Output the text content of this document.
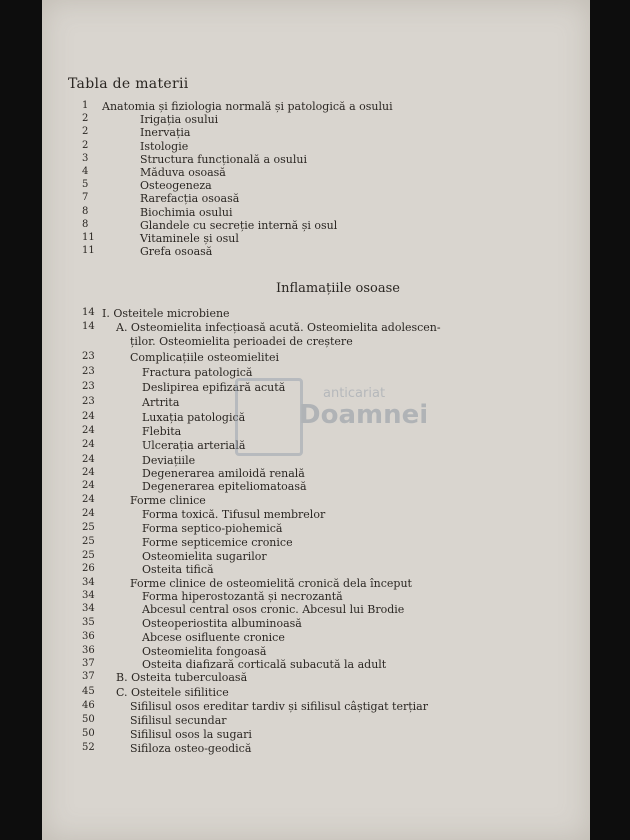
Tabla de materii
1	Anatomia și fiziologia normală și patologică a osului
2	Irigația osului
2	Inervația
2	Istologie
3	Structura funcțională a osului
4	Măduva osoasă
5	Osteogeneza
7	Rarefacția osoasă
8	Biochimia osului
8	Glandele cu secreție internă și osul
11	Vitaminele și osul
11	Grefa osoasă
Inflamațiile osoase
14 I. Osteitele microbiene
14	A. Osteomielita infecțioasă acută. Osteomielita adolescen-
ților. Osteomielita perioadei de creștere
23	Complicațiile osteomielitei
23	Fractura patologică
23	Deslipirea epifizară acută
23	Artrita
24	Luxația patologică
24	Flebita
24	Ulcerația arterială
24	Deviațiile
24	Degenerarea amiloidă renală
24	Degenerarea epiteliomatoasă
24	Forme clinice
24	Forma toxică. Tifusul membrelor
25	Forma septico-piohemică
25	Forme septicemice cronice
25	Osteomielita sugarilor
26	Osteita tifică
34	Forme clinice de osteomielită cronică dela început
34	Forma hiperostozantă și necrozantă
34	Abcesul central osos cronic. Abcesul lui Brodie
35	Osteoperiostita albuminoasă
36	Abcese osifluente cronice
36	Osteomielita fongoasă
37	Osteita diafizară corticală subacută la adult
37	B. Osteita tuberculoasă
45	C. Osteitele sifilitice
46	Sifilisul osos ereditar tardiv și sifilisul câștigat terțiar
50	Sifilisul secundar
50	Sifilisul osos la sugari
52	Sifiloza osteo-geodică
anticariat
Doamnei
